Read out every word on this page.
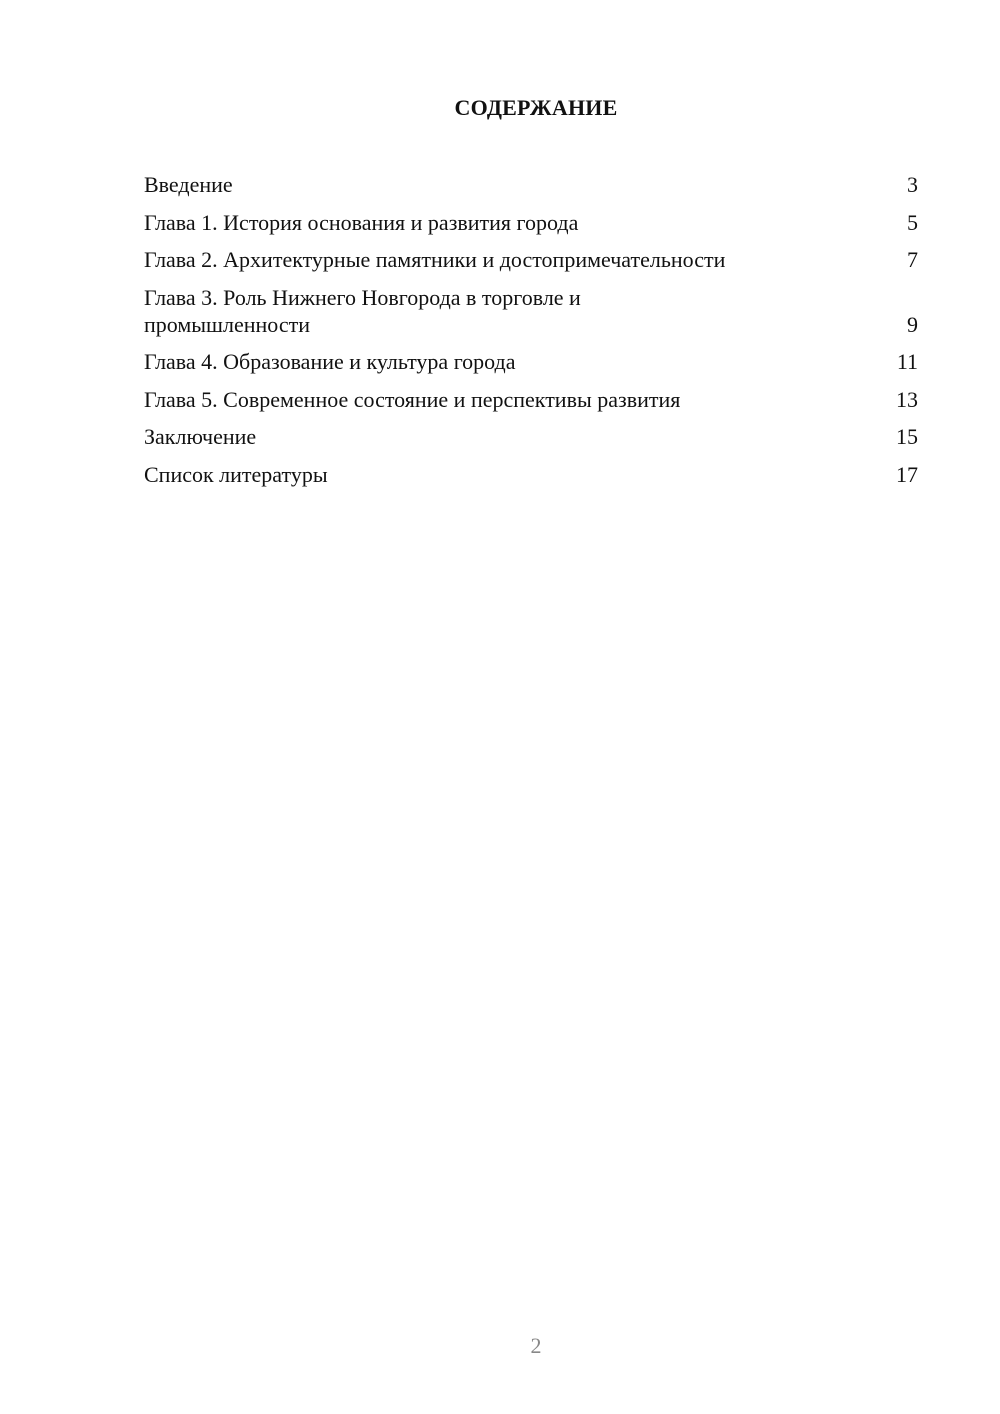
СОДЕРЖАНИЕ
Введение	3
Глава 1. История основания и развития города	5
Глава 2. Архитектурные памятники и достопримечательности	7
Глава 3. Роль Нижнего Новгорода в торговле и промышленности	9
Глава 4. Образование и культура города	11
Глава 5. Современное состояние и перспективы развития	13
Заключение	15
Список литературы	17
2
